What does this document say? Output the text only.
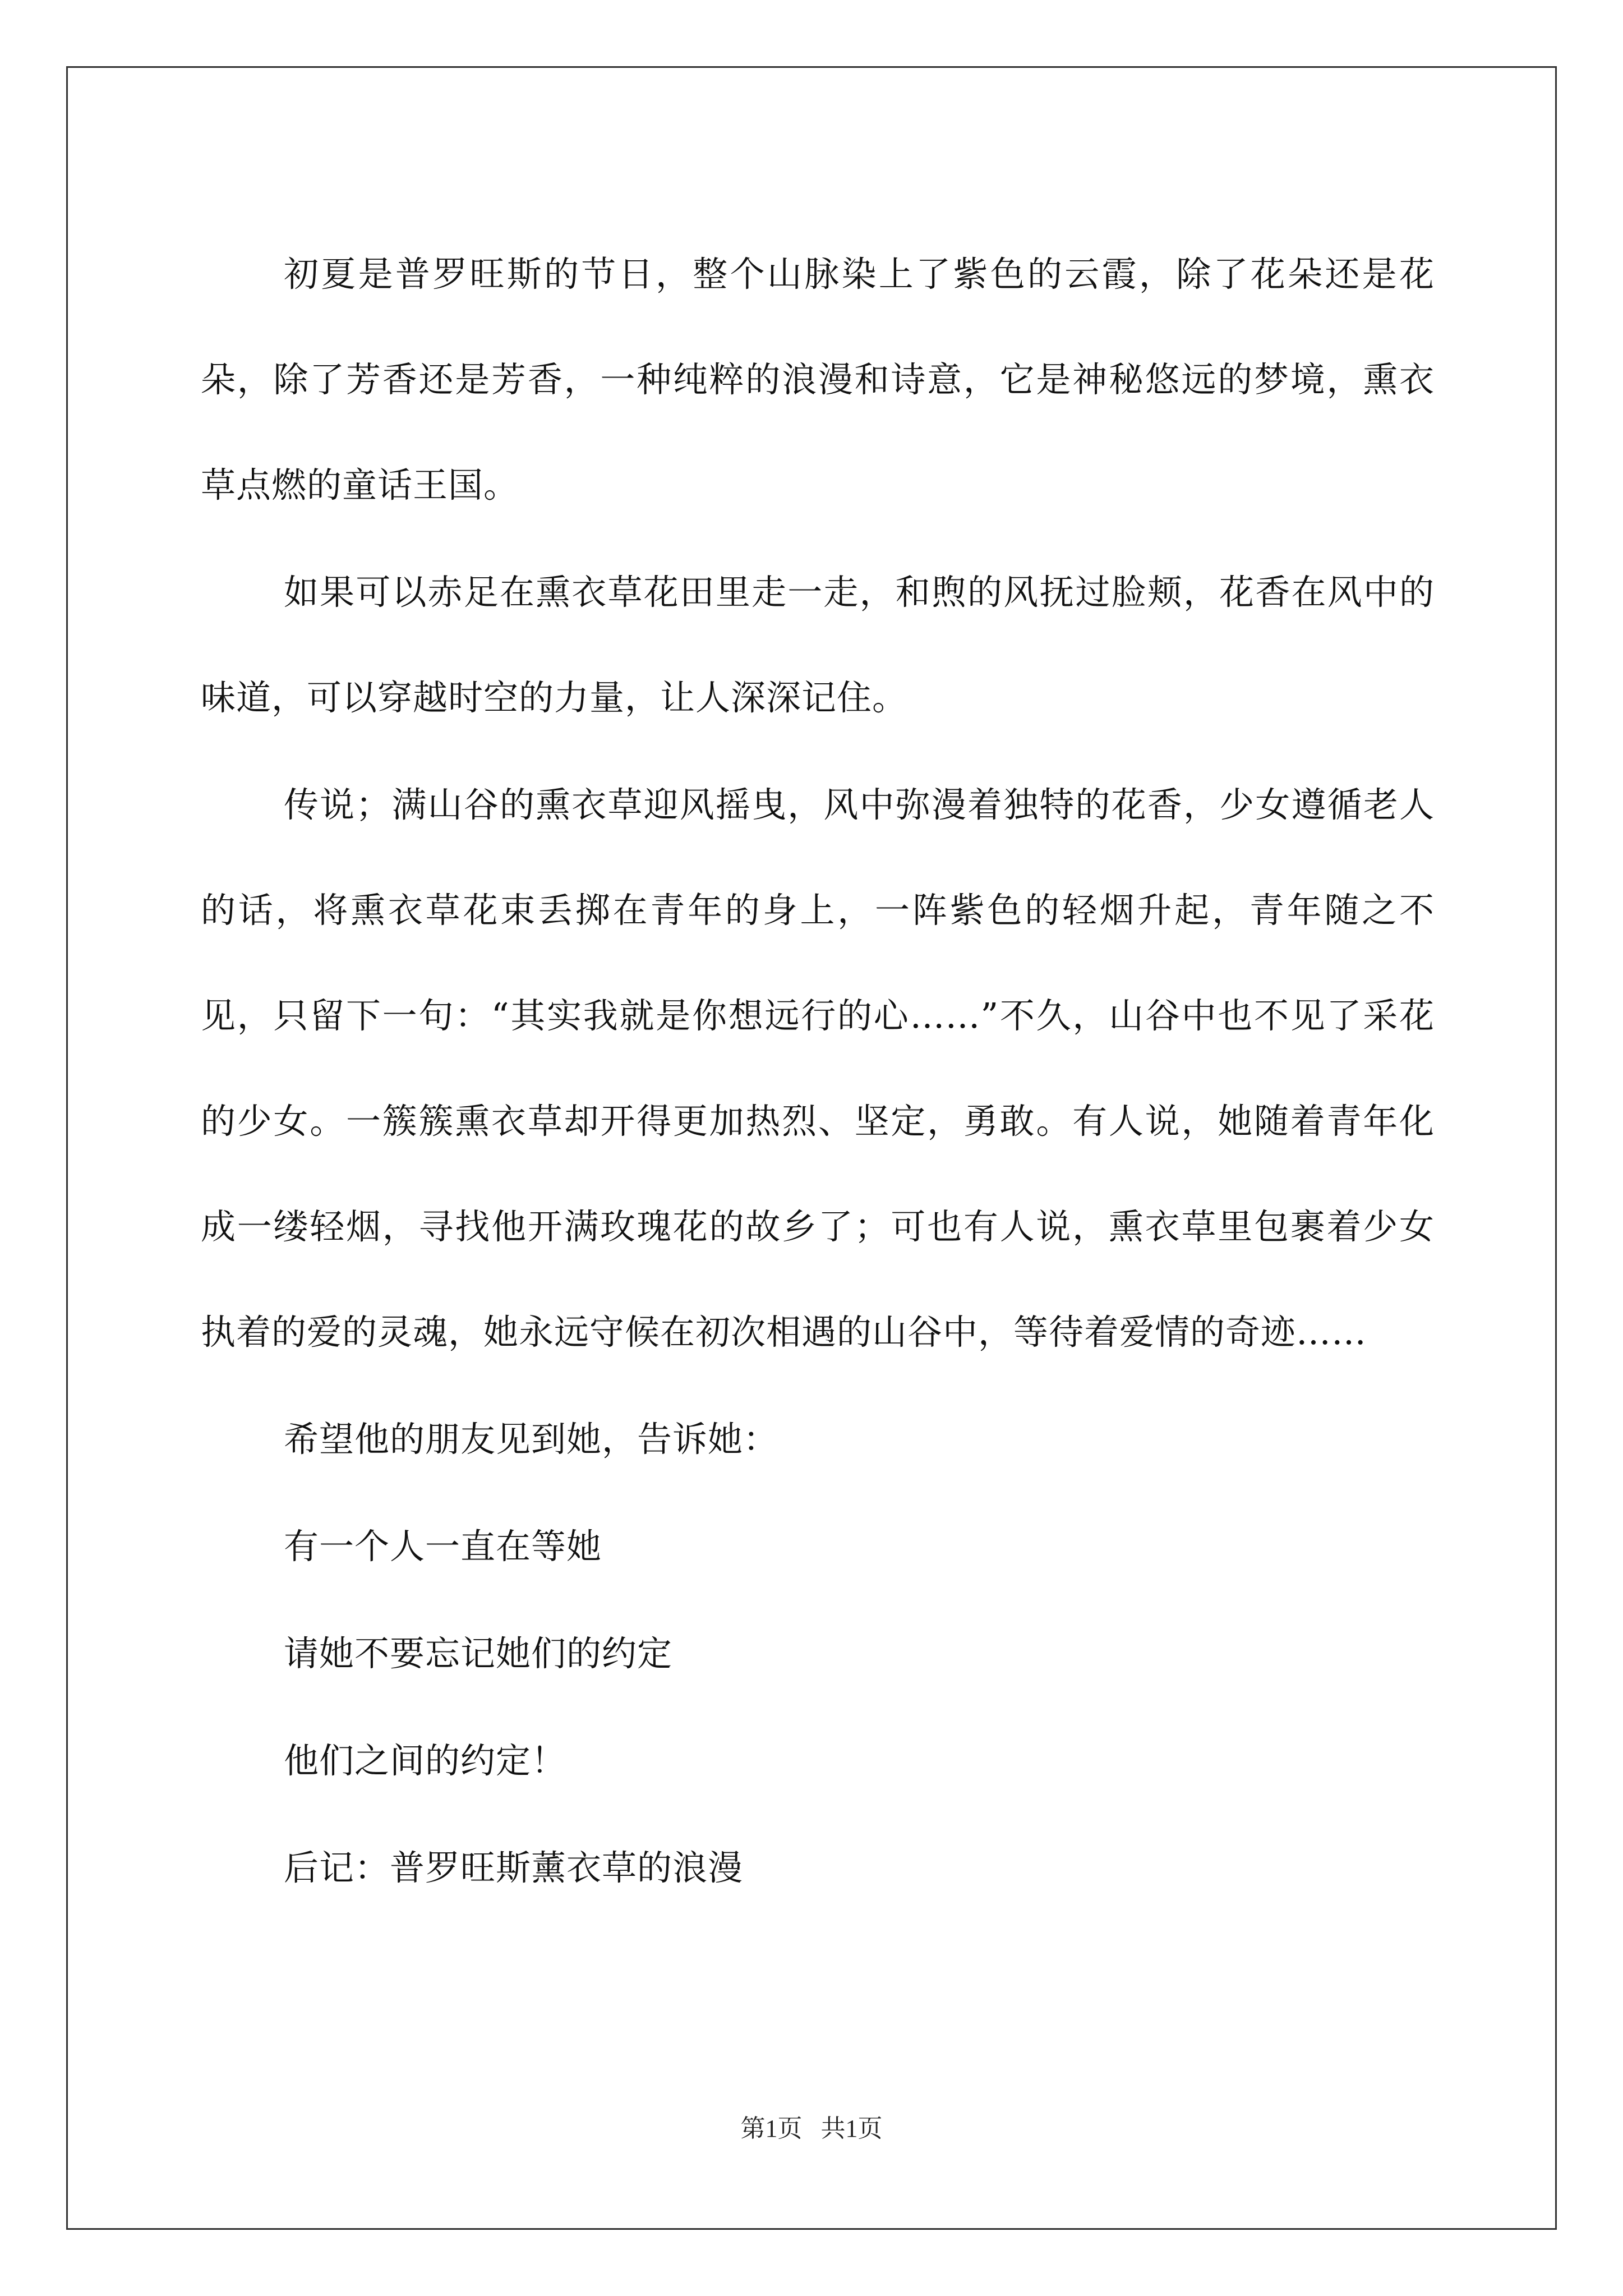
初夏是普罗旺斯的节日，整个山脉染上了紫色的云霞，除了花朵还是花朵，除了芳香还是芳香，一种纯粹的浪漫和诗意，它是神秘悠远的梦境，熏衣草点燃的童话王国。

如果可以赤足在熏衣草花田里走一走，和煦的风抚过脸颊，花香在风中的味道，可以穿越时空的力量，让人深深记住。

传说；满山谷的熏衣草迎风摇曳，风中弥漫着独特的花香，少女遵循老人的话，将熏衣草花束丢掷在青年的身上，一阵紫色的轻烟升起，青年随之不见，只留下一句：“其实我就是你想远行的心……”不久，山谷中也不见了采花的少女。一簇簇熏衣草却开得更加热烈、坚定，勇敢。有人说，她随着青年化成一缕轻烟，寻找他开满玫瑰花的故乡了；可也有人说，熏衣草里包裹着少女执着的爱的灵魂，她永远守候在初次相遇的山谷中，等待着爱情的奇迹……

希望他的朋友见到她，告诉她：

有一个人一直在等她

请她不要忘记她们的约定

他们之间的约定！

后记：普罗旺斯薰衣草的浪漫

第1页   共1页
